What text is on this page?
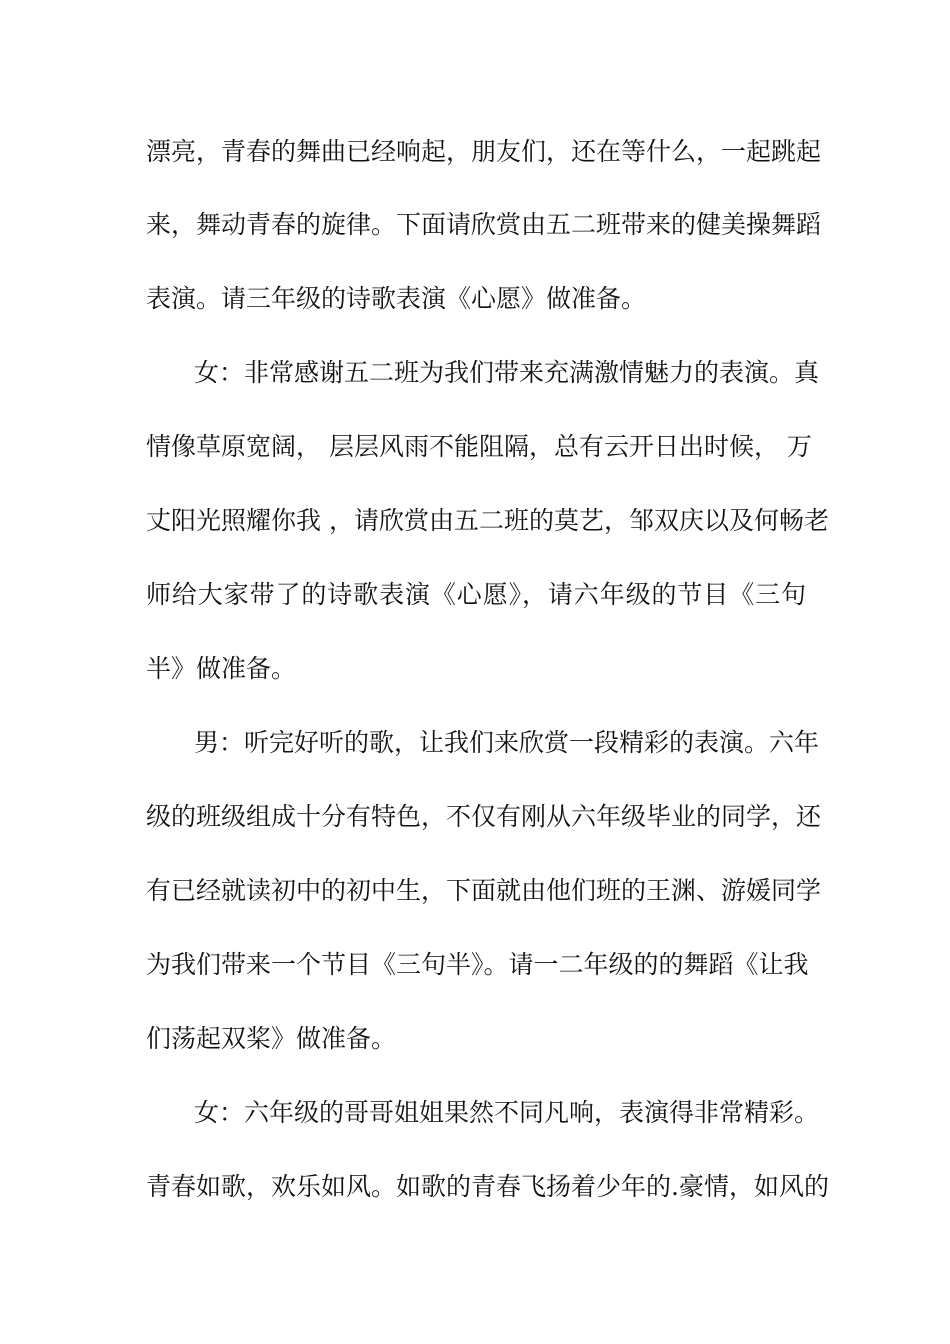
漂亮，青春的舞曲已经响起，朋友们，还在等什么，一起跳起
来，舞动青春的旋律。下面请欣赏由五二班带来的健美操舞蹈
表演。请三年级的诗歌表演《心愿》做准备。
女：非常感谢五二班为我们带来充满激情魅力的表演。真
情像草原宽阔， 层层风雨不能阻隔，总有云开日出时候， 万
丈阳光照耀你我 ，请欣赏由五二班的莫艺，邹双庆以及何畅老
师给大家带了的诗歌表演《心愿》，请六年级的节目《三句
半》做准备。
男：听完好听的歌，让我们来欣赏一段精彩的表演。六年
级的班级组成十分有特色，不仅有刚从六年级毕业的同学，还
有已经就读初中的初中生，下面就由他们班的王渊、游媛同学
为我们带来一个节目《三句半》。请一二年级的的舞蹈《让我
们荡起双桨》做准备。
女：六年级的哥哥姐姐果然不同凡响，表演得非常精彩。
青春如歌，欢乐如风。如歌的青春飞扬着少年的.豪情，如风的
